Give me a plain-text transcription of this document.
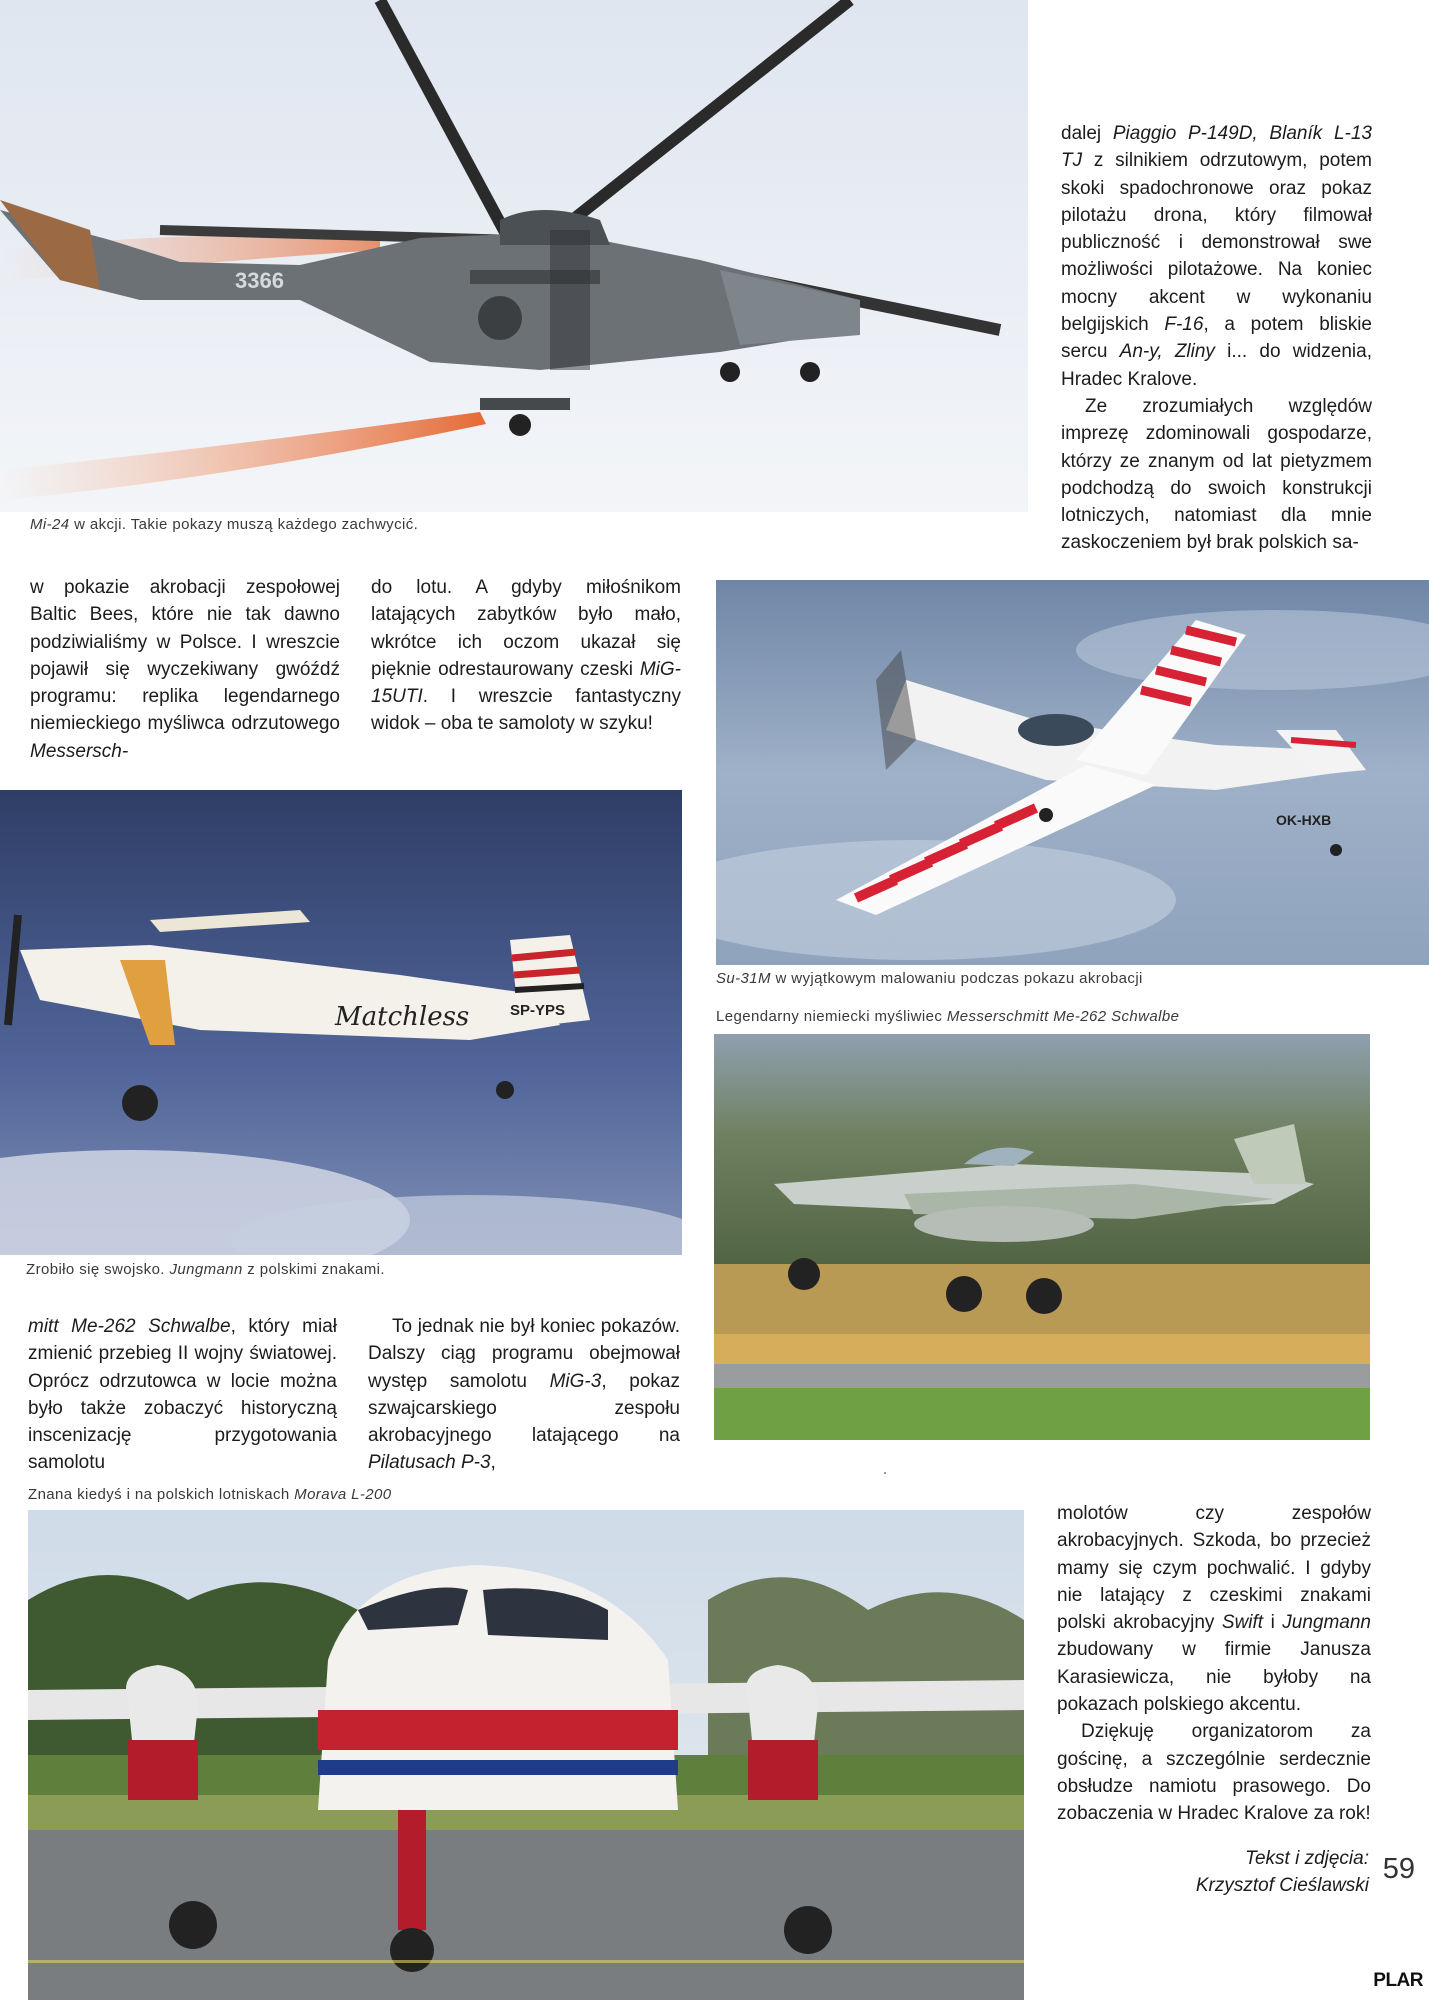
3366
Mi-24 w akcji. Takie pokazy muszą każdego zachwycić.

dalej Piaggio P-149D, Blaník L-13 TJ z silnikiem odrzutowym, potem skoki spadochronowe oraz pokaz pilotażu drona, który filmował publiczność i demonstrował swe możliwości pilotażowe. Na koniec mocny akcent w wykonaniu belgijskich F-16, a potem bliskie sercu An-y, Zliny i... do widzenia, Hradec Kralove.

Ze zrozumiałych względów imprezę zdominowali gospodarze, którzy ze znanym od lat pietyzmem podchodzą do swoich konstrukcji lotniczych, natomiast dla mnie zaskoczeniem był brak polskich sa-

w pokazie akrobacji zespołowej Baltic Bees, które nie tak dawno podziwialiśmy w Polsce. I wreszcie pojawił się wyczekiwany gwóźdź programu: replika legendarnego niemieckiego myśliwca odrzutowego Messersch-

do lotu. A gdyby miłośnikom latających zabytków było mało, wkrótce ich oczom ukazał się pięknie odrestaurowany czeski MiG-15UTI. I wreszcie fantastyczny widok – oba te samoloty w szyku!

OK-HXB
Su-31M w wyjątkowym malowaniu podczas pokazu akrobacji
Legendarny niemiecki myśliwiec Messerschmitt Me-262 Schwalbe
Matchless	SP-YPS
Zrobiło się swojsko. Jungmann z polskimi znakami.

mitt Me-262 Schwalbe, który miał zmienić przebieg II wojny światowej. Oprócz odrzutowca w locie można było także zobaczyć historyczną inscenizację przygotowania samolotu

To jednak nie był koniec pokazów. Dalszy ciąg programu obejmował występ samolotu MiG-3, pokaz szwajcarskiego zespołu akrobacyjnego latającego na Pilatusach P-3,

Znana kiedyś i na polskich lotniskach Morava L-200

molotów czy zespołów akrobacyjnych. Szkoda, bo przecież mamy się czym pochwalić. I gdyby nie latający z czeskimi znakami polski akrobacyjny Swift i Jungmann zbudowany w firmie Janusza Karasiewicza, nie byłoby na pokazach polskiego akcentu.

Dziękuję organizatorom za gościnę, a szczególnie serdecznie obsłudze namiotu prasowego. Do zobaczenia w Hradec Kralove za rok!

Tekst i zdjęcia:
Krzysztof Cieślawski
59
PLAR
